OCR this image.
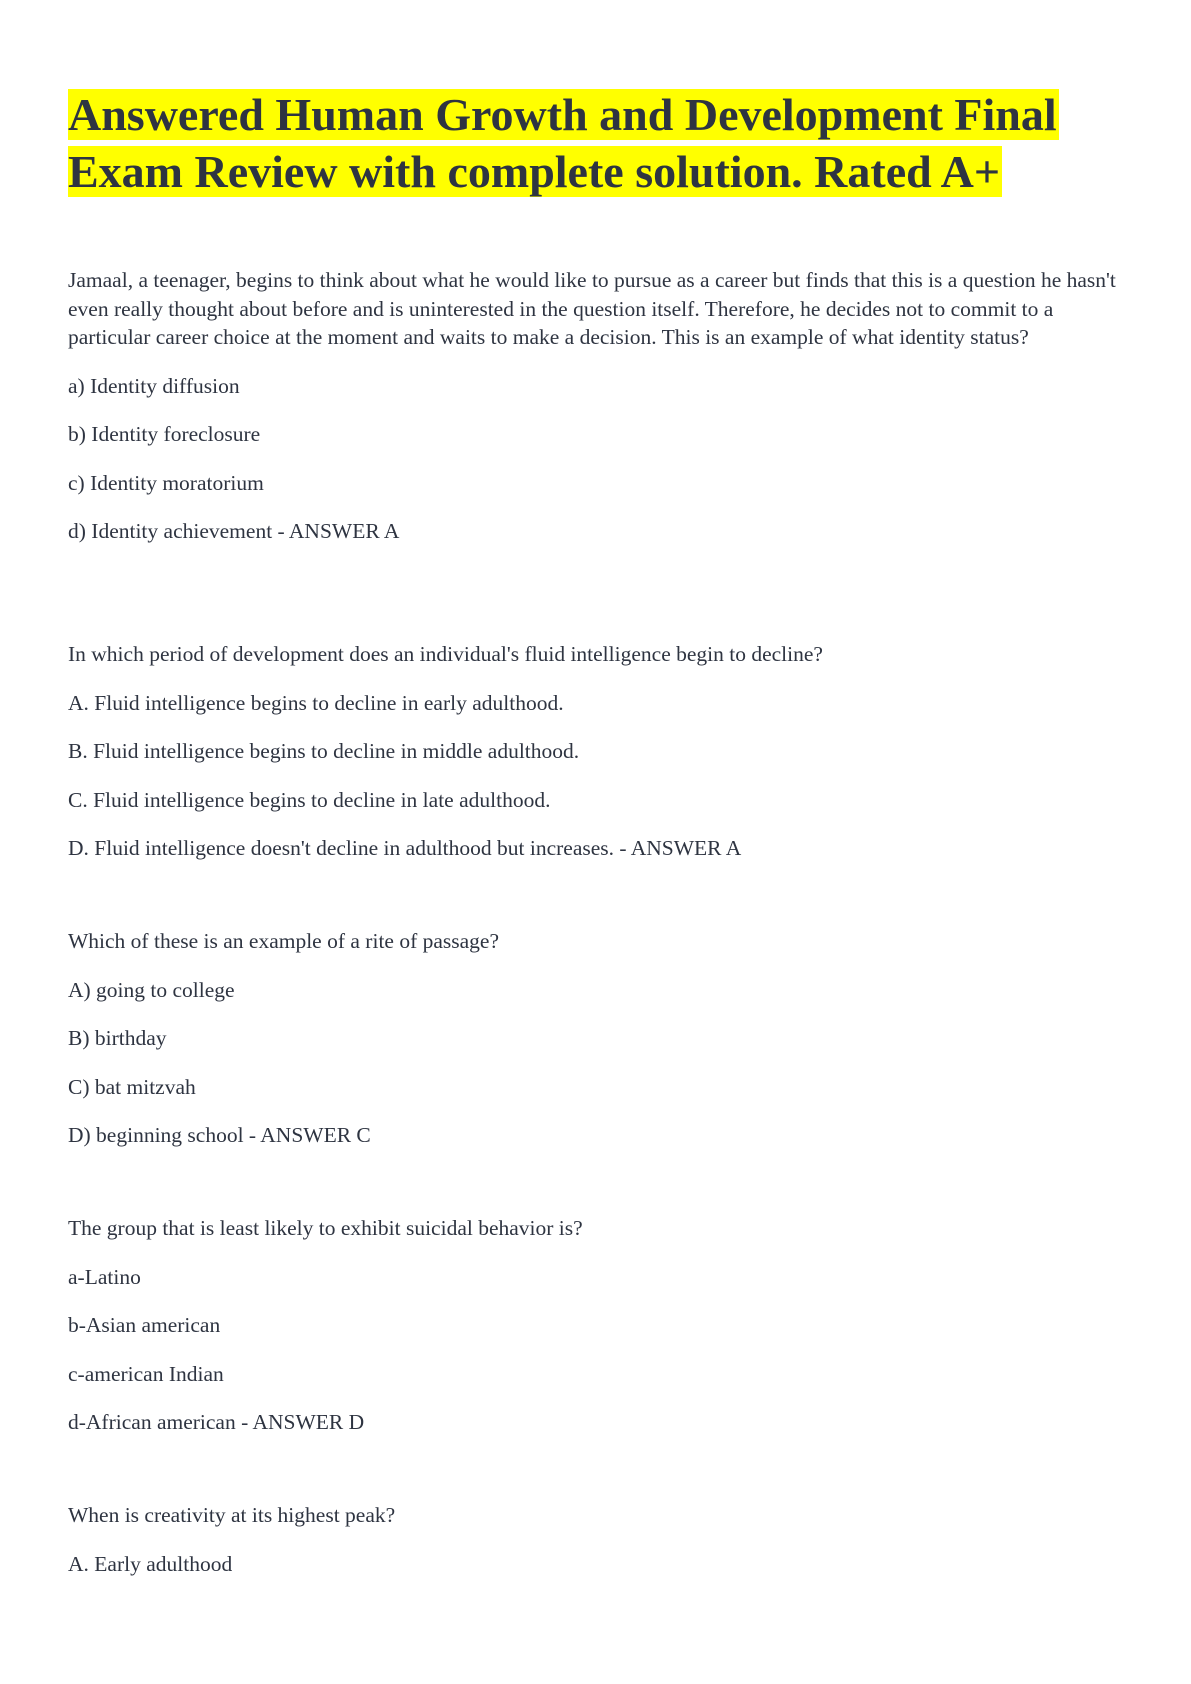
Answered Human Growth and Development Final Exam Review with complete solution. Rated A+

Jamaal, a teenager, begins to think about what he would like to pursue as a career but finds that this is a question he hasn't even really thought about before and is uninterested in the question itself. Therefore, he decides not to commit to a particular career choice at the moment and waits to make a decision. This is an example of what identity status?

a) Identity diffusion

b) Identity foreclosure

c) Identity moratorium

d) Identity achievement - ANSWER A

In which period of development does an individual's fluid intelligence begin to decline?

A. Fluid intelligence begins to decline in early adulthood.

B. Fluid intelligence begins to decline in middle adulthood.

C. Fluid intelligence begins to decline in late adulthood.

D. Fluid intelligence doesn't decline in adulthood but increases. - ANSWER A

Which of these is an example of a rite of passage?

A) going to college

B) birthday

C) bat mitzvah

D) beginning school - ANSWER C

The group that is least likely to exhibit suicidal behavior is?

a-Latino

b-Asian american

c-american Indian

d-African american - ANSWER D

When is creativity at its highest peak?

A. Early adulthood
